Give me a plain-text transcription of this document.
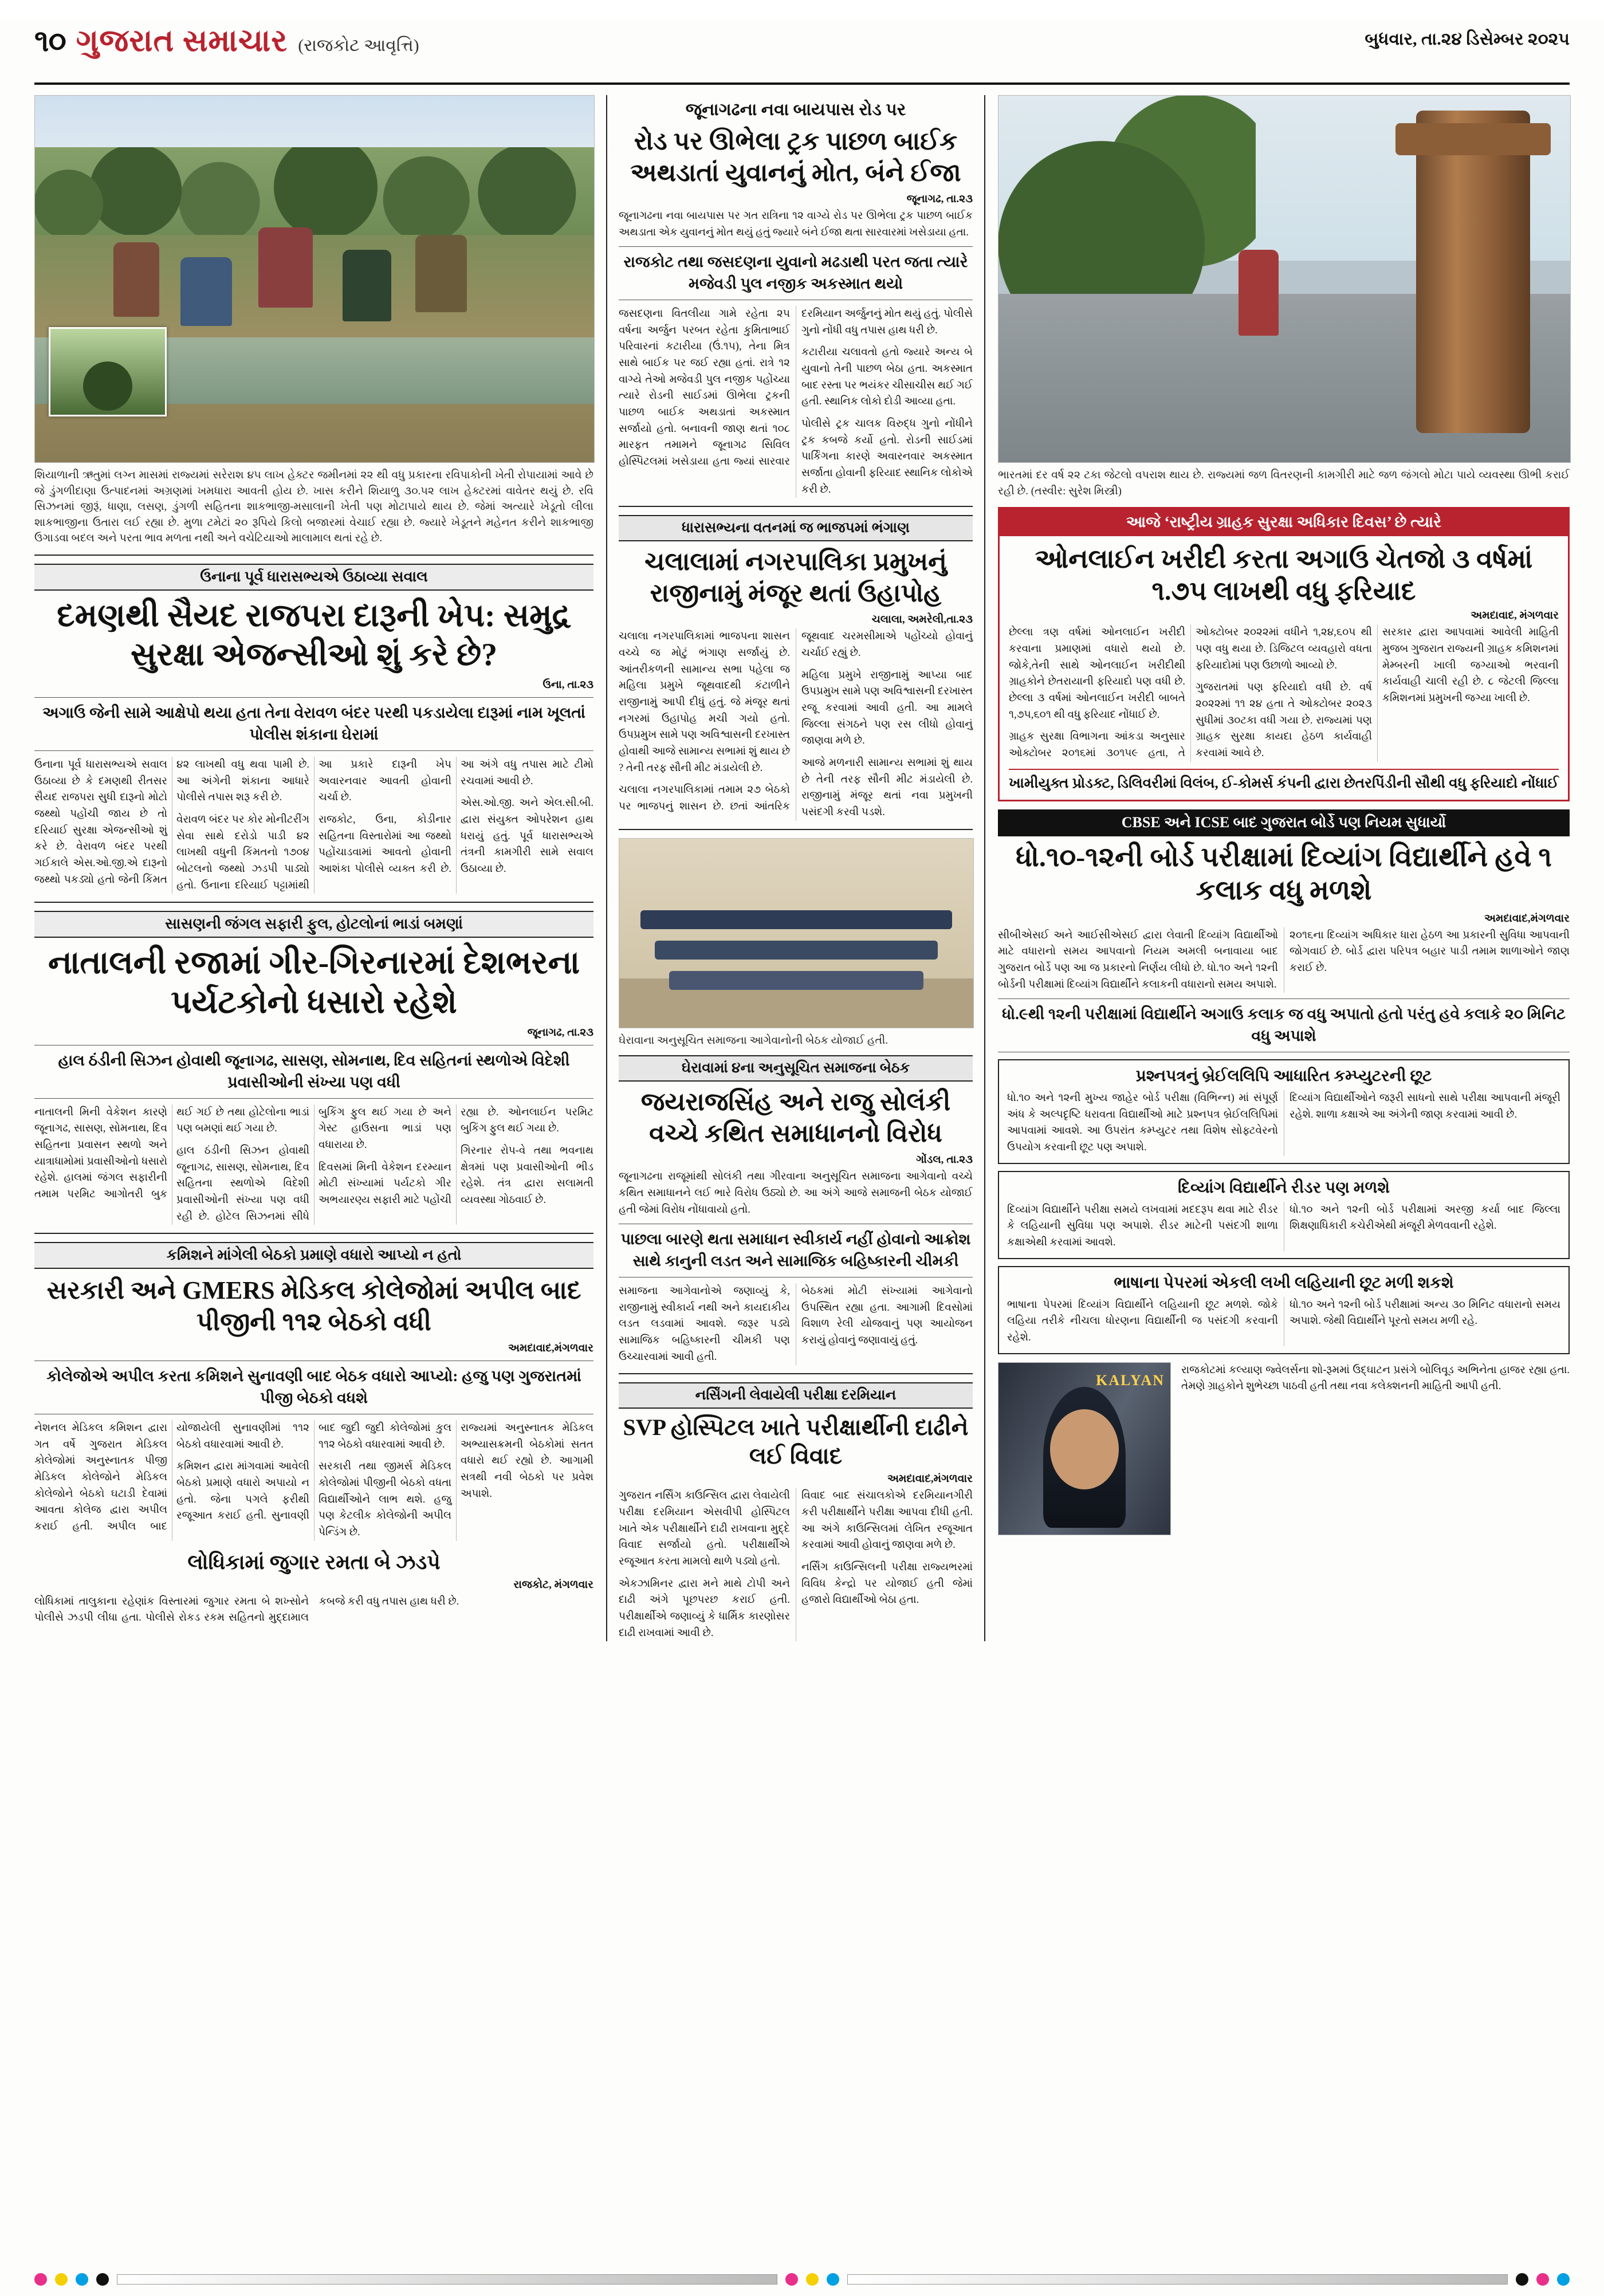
૧૦ ગુજરાત સમાચાર (રાજકોટ આવૃત્તિ)	બુધવાર, તા.૨૪ ડિસેમ્બર ૨૦૨૫
શિયાળાની ઋતુમાં લગ્ન માસમાં રાજ્યમાં સરેરાશ ૪૫ લાખ હેક્ટર જમીનમાં ૨૨ થી વધુ પ્રકારના રવિપાકોની ખેતી રોપાયામાં આવે છે જે ડુંગળીદાણા ઉત્પાદનમાં અગ્રણમાં ખમધારા આવતી હોય છે. ખાસ કરીને શિયાળુ ૩૦.૫૨ લાખ હેક્ટરમાં વાવેતર થયું છે. રવિ સિઝનમાં જીરૂં, ધાણા, લસણ, ડુંગળી સહિતના શાકભાજી-મસાલાની ખેતી પણ મોટાપાયે થાય છે. જેમાં અત્યારે ખેડૂતો લીલા શાકભાજીના ઉતારા લઈ રહ્યા છે. મુળા ટમેટાં ૨૦ રૂપિયે કિલો બજારમાં વેચાઈ રહ્યા છે. જ્યારે ખેડૂતને મહેનત કરીને શાકભાજી ઉગાડવા બદલ અને પરતા ભાવ મળતા નથી અને વચેટિયાઓ માલામાલ થતાં રહે છે.
ઉનાના પૂર્વ ધારાસભ્યએ ઉઠાવ્યા સવાલ
દમણથી સૈયદ રાજપરા દારૂની ખેપ: સમુદ્ર સુરક્ષા એજન્સીઓ શું કરે છે?
ઉના, તા.૨૩
અગાઉ જેની સામે આક્ષેપો થયા હતા તેના વેરાવળ બંદર પરથી પકડાયેલા દારૂમાં નામ ખૂલતાં પોલીસ શંકાના ઘેરામાં

ઉનાના પૂર્વ ધારાસભ્યએ સવાલ ઉઠાવ્યા છે કે દમણથી રીતસર સૈયદ રાજપરા સુધી દારૂનો મોટો જથ્થો પહોંચી જાય છે તો દરિયાઈ સુરક્ષા એજન્સીઓ શું કરે છે. વેરાવળ બંદર પરથી ગઈકાલે એસ.ઓ.જી.એ દારૂનો જથ્થો પકડ્યો હતો જેની કિંમત ૪૨ લાખથી વધુ થવા પામી છે. આ અંગેની શંકાના આધારે પોલીસે તપાસ શરૂ કરી છે.

વેરાવળ બંદર પર કોર મોનીટરીંગ સેવા સાથે દરોડો પાડી ૪૨ લાખથી વધુની કિંમતનો ૧૭૦૪ બોટલનો જથ્થો ઝડપી પાડ્યો હતો. ઉનાના દરિયાઈ પટ્ટામાંથી આ પ્રકારે દારૂની ખેપ અવારનવાર આવતી હોવાની ચર્ચા છે.

રાજકોટ, ઉના, કોડીનાર સહિતના વિસ્તારોમાં આ જથ્થો પહોંચાડવામાં આવતો હોવાની આશંકા પોલીસે વ્યક્ત કરી છે. આ અંગે વધુ તપાસ માટે ટીમો રચવામાં આવી છે.

એસ.ઓ.જી. અને એલ.સી.બી. દ્વારા સંયુક્ત ઓપરેશન હાથ ધરાયું હતું. પૂર્વ ધારાસભ્યએ તંત્રની કામગીરી સામે સવાલ ઉઠાવ્યા છે.

સાસણની જંગલ સફારી ફુલ, હોટલોનાં ભાડાં બમણાં
નાતાલની રજામાં ગીર-ગિરનારમાં દેશભરના પર્યટકોનો ધસારો રહેશે
જૂનાગઢ, તા.૨૩
હાલ ઠંડીની સિઝન હોવાથી જૂનાગઢ, સાસણ, સોમનાથ, દિવ સહિતનાં સ્થળોએ વિદેશી પ્રવાસીઓની સંખ્યા પણ વધી

નાતાલની મિની વેકેશન કારણે જૂનાગઢ, સાસણ, સોમનાથ, દિવ સહિતના પ્રવાસન સ્થળો અને યાત્રાધામોમાં પ્રવાસીઓનો ધસારો રહેશે. હાલમાં જંગલ સફારીની તમામ પરમિટ આગોતરી બુક થઈ ગઈ છે તથા હોટેલોના ભાડાં પણ બમણાં થઈ ગયા છે.

હાલ ઠંડીની સિઝન હોવાથી જૂનાગઢ, સાસણ, સોમનાથ, દિવ સહિતના સ્થળોએ વિદેશી પ્રવાસીઓની સંખ્યા પણ વધી રહી છે. હોટેલ સિઝનમાં સીધે બુકિંગ ફુલ થઈ ગયા છે અને ગેસ્ટ હાઉસના ભાડાં પણ વધારાયા છે.

દિવસમાં મિની વેકેશન દરમ્યાન મોટી સંખ્યામાં પર્યટકો ગીર અભયારણ્ય સફારી માટે પહોંચી રહ્યા છે. ઓનલાઈન પરમિટ બુકિંગ ફુલ થઈ ગયા છે.

ગિરનાર રોપ-વે તથા ભવનાથ ક્ષેત્રમાં પણ પ્રવાસીઓની ભીડ રહેશે. તંત્ર દ્વારા સલામતી વ્યવસ્થા ગોઠવાઈ છે.

કમિશને માંગેલી બેઠકો પ્રમાણે વધારો આપ્યો ન હતો
સરકારી અને GMERS મેડિકલ કોલેજોમાં અપીલ બાદ પીજીની ૧૧૨ બેઠકો વધી
અમદાવાદ,મંગળવાર
કોલેજોએ અપીલ કરતા કમિશને સુનાવણી બાદ બેઠક વધારો આપ્યો: હજુ પણ ગુજરાતમાં પીજી બેઠકો વધશે

નેશનલ મેડિકલ કમિશન દ્વારા ગત વર્ષે ગુજરાત મેડિકલ કોલેજોમાં અનુસ્નાતક પીજી મેડિકલ કોલેજોને મેડિકલ કોલેજોને બેઠકો ઘટાડી દેવામાં આવતા કોલેજ દ્વારા અપીલ કરાઈ હતી. અપીલ બાદ યોજાયેલી સુનાવણીમાં ૧૧૨ બેઠકો વધારવામાં આવી છે.

કમિશન દ્વારા માંગવામાં આવેલી બેઠકો પ્રમાણે વધારો અપાયો ન હતો. જેના પગલે ફરીથી રજૂઆત કરાઈ હતી. સુનાવણી બાદ જુદી જુદી કોલેજોમાં કુલ ૧૧૨ બેઠકો વધારવામાં આવી છે.

સરકારી તથા જીમર્સ મેડિકલ કોલેજોમાં પીજીની બેઠકો વધતા વિદ્યાર્થીઓને લાભ થશે. હજુ પણ કેટલીક કોલેજોની અપીલ પેન્ડિંગ છે.

રાજ્યમાં અનુસ્નાતક મેડિકલ અભ્યાસક્રમની બેઠકોમાં સતત વધારો થઈ રહ્યો છે. આગામી સત્રથી નવી બેઠકો પર પ્રવેશ અપાશે.

લોધિકામાં જુગાર રમતા બે ઝડપે
રાજકોટ, મંગળવાર

લોધિકામાં તાલુકાના રહેણાંક વિસ્તારમાં જુગાર રમતા બે શખ્સોને પોલીસે ઝડપી લીધા હતા. પોલીસે રોકડ રકમ સહિતનો મુદ્દામાલ કબજે કરી વધુ તપાસ હાથ ધરી છે.

જૂનાગઢના નવા બાયપાસ રોડ પર
રોડ પર ઊભેલા ટ્રક પાછળ બાઈક અથડાતાં યુવાનનું મોત, બંને ઈજા
જૂનાગઢ, તા.૨૩

જૂનાગઢના નવા બાયપાસ પર ગત રાત્રિના ૧૨ વાગ્યે રોડ પર ઊભેલા ટ્રક પાછળ બાઈક અથડાતા એક યુવાનનું મોત થયું હતું જ્યારે બંને ઈજા થતા સારવારમાં ખસેડાયા હતા.

રાજકોટ તથા જસદણના યુવાનો મઢડાથી પરત જતા ત્યારે મજેવડી પુલ નજીક અકસ્માત થયો

જસદણના વિતલીયા ગામે રહેતા ૨૫ વર્ષના અર્જુન પરબત રહેતા કુમિતાભાઈ પરિવારનાં કટારીયા (ઉં.૧૫), તેના મિત્ર સાથે બાઈક પર જઈ રહ્યા હતાં. રાત્રે ૧૨ વાગ્યે તેઓ મજેવડી પુલ નજીક પહોંચ્યા ત્યારે રોડની સાઈડમાં ઊભેલા ટ્રકની પાછળ બાઈક અથડાતાં અકસ્માત સર્જાયો હતો. બનાવની જાણ થતાં ૧૦૮ મારફત તમામને જૂનાગઢ સિવિલ હોસ્પિટલમાં ખસેડાયા હતા જ્યાં સારવાર દરમિયાન અર્જુનનું મોત થયું હતું. પોલીસે ગુનો નોંધી વધુ તપાસ હાથ ધરી છે.

કટારીયા ચલાવતો હતો જ્યારે અન્ય બે યુવાનો તેની પાછળ બેઠા હતા. અકસ્માત બાદ રસ્તા પર ભયંકર ચીસાચીસ થઈ ગઈ હતી. સ્થાનિક લોકો દોડી આવ્યા હતા.

પોલીસે ટ્રક ચાલક વિરુદ્ધ ગુનો નોંધીને ટ્રક કબજે કર્યો હતો. રોડની સાઈડમાં પાર્કિંગના કારણે અવારનવાર અકસ્માત સર્જાતા હોવાની ફરિયાદ સ્થાનિક લોકોએ કરી છે.

ધારાસભ્યના વતનમાં જ ભાજપમાં ભંગાણ
ચલાલામાં નગરપાલિકા પ્રમુખનું રાજીનામું મંજૂર થતાં ઉહાપોહ
ચલાલા, અમરેલી,તા.૨૩

ચલાલા નગરપાલિકામાં ભાજપના શાસન વચ્ચે જ મોટું ભંગાણ સર્જાયું છે. આંતરીકળની સામાન્ય સભા પહેલા જ મહિલા પ્રમુખે જૂથવાદથી કંટાળીને રાજીનામું આપી દીધું હતું. જે મંજૂર થતાં નગરમાં ઉહાપોહ મચી ગયો હતો. ઉપપ્રમુખ સામે પણ અવિશ્વાસની દરખાસ્ત હોવાથી આજે સામાન્ય સભામાં શું થાય છે ? તેની તરફ સૌની મીટ મંડાયેલી છે.

ચલાલા નગરપાલિકામાં તમામ ૨૭ બેઠકો પર ભાજપનું શાસન છે. છતાં આંતરિક જૂથવાદ ચરમસીમાએ પહોંચ્યો હોવાનું ચર્ચાઈ રહ્યું છે.

મહિલા પ્રમુખે રાજીનામું આપ્યા બાદ ઉપપ્રમુખ સામે પણ અવિશ્વાસની દરખાસ્ત રજૂ કરવામાં આવી હતી. આ મામલે જિલ્લા સંગઠને પણ રસ લીધો હોવાનું જાણવા મળે છે.

આજે મળનારી સામાન્ય સભામાં શું થાય છે તેની તરફ સૌની મીટ મંડાયેલી છે. રાજીનામું મંજૂર થતાં નવા પ્રમુખની પસંદગી કરવી પડશે.

ઘેરાવાના અનુસૂચિત સમાજના આગેવાનોની બેઠક યોજાઈ હતી.
ઘેરાવામાં ૪ના અનુસૂચિત સમાજના બેઠક
જયરાજસિંહ અને રાજુ સોલંકી વચ્ચે કથિત સમાધાનનો વિરોધ
ગોંડલ, તા.૨૩

જૂનાગઢના રાજૂમાંથી સોલંકી તથા ગીરવાના અનુસૂચિત સમાજના આગેવાનો વચ્ચે કથિત સમાધાનને લઈ ભારે વિરોધ ઉઠ્યો છે. આ અંગે આજે સમાજની બેઠક યોજાઈ હતી જેમાં વિરોધ નોંધાવાયો હતો.

પાછલા બારણે થતા સમાધાન સ્વીકાર્ય નહીં હોવાનો આક્રોશ સાથે કાનુની લડત અને સામાજિક બહિષ્કારની ચીમકી

સમાજના આગેવાનોએ જણાવ્યું કે, રાજીનામું સ્વીકાર્ય નથી અને કાયદાકીય લડત લડવામાં આવશે. જરૂર પડ્યે સામાજિક બહિષ્કારની ચીમકી પણ ઉચ્ચારવામાં આવી હતી.

બેઠકમાં મોટી સંખ્યામાં આગેવાનો ઉપસ્થિત રહ્યા હતા. આગામી દિવસોમાં વિશાળ રેલી યોજવાનું પણ આયોજન કરાયું હોવાનું જણાવાયું હતું.

નર્સિંગની લેવાયેલી પરીક્ષા દરમિયાન
SVP હોસ્પિટલ ખાતે પરીક્ષાર્થીની દાઢીને લઈ વિવાદ
અમદાવાદ,મંગળવાર

ગુજરાત નર્સિંગ કાઉન્સિલ દ્વારા લેવાયેલી પરીક્ષા દરમિયાન એસવીપી હોસ્પિટલ ખાતે એક પરીક્ષાર્થીને દાઢી રાખવાના મુદ્દે વિવાદ સર્જાયો હતો. પરીક્ષાર્થીએ રજૂઆત કરતા મામલો થાળે પડ્યો હતો.

એકઝામિનર દ્વારા મને માથે ટોપી અને દાઢી અંગે પૂછપરછ કરાઈ હતી. પરીક્ષાર્થીએ જણાવ્યું કે ધાર્મિક કારણોસર દાઢી રાખવામાં આવી છે.

વિવાદ બાદ સંચાલકોએ દરમિયાનગીરી કરી પરીક્ષાર્થીને પરીક્ષા આપવા દીધી હતી. આ અંગે કાઉન્સિલમાં લેખિત રજૂઆત કરવામાં આવી હોવાનું જાણવા મળે છે.

નર્સિંગ કાઉન્સિલની પરીક્ષા રાજ્યભરમાં વિવિધ કેન્દ્રો પર યોજાઈ હતી જેમાં હજારો વિદ્યાર્થીઓ બેઠા હતા.

ભારતમાં દર વર્ષ ૨૨ ટકા જેટલો વપરાશ થાય છે. રાજ્યમાં જળ વિતરણની કામગીરી માટે જળ જંગલો મોટા પાયે વ્યવસ્થા ઊભી કરાઈ રહી છે. (તસ્વીર: સુરેશ મિસ્ત્રી)
આજે ‘રાષ્ટ્રીય ગ્રાહક સુરક્ષા અધિકાર દિવસ’ છે ત્યારે
ઓનલાઈન ખરીદી કરતા અગાઉ ચેતજો ૩ વર્ષમાં ૧.૭૫ લાખથી વધુ ફરિયાદ
અમદાવાદ, મંગળવાર

છેલ્લા ત્રણ વર્ષમાં ઓનલાઈન ખરીદી કરવાના પ્રમાણમાં વધારો થયો છે. જોકે,તેની સાથે ઓનલાઈન ખરીદીથી ગ્રાહકોને છેતરાયાની ફરિયાદો પણ વધી છે. છેલ્લા ૩ વર્ષમાં ઓનલાઈન ખરીદી બાબતે ૧,૭૫,૬૦૧ થી વધુ ફરિયાદ નોંધાઈ છે.

ગ્રાહક સુરક્ષા વિભાગના આંકડા અનુસાર ઓક્ટોબર ૨૦૧૬માં ૩૦૧૫૯ હતા, તે ઓક્ટોબર ૨૦૨૨માં વધીને ૧,૨૪,૬૦૫ થી પણ વધુ થયા છે. ડિજિટલ વ્યવહારો વધતા ફરિયાદોમાં પણ ઉછાળો આવ્યો છે.

ગુજરાતમાં પણ ફરિયાદો વધી છે. વર્ષ ૨૦૨૨માં ૧૧ ૨૪ હતા તે ઓક્ટોબર ૨૦૨૩ સુધીમાં ૩૦ટકા વધી ગયા છે. રાજ્યમાં પણ ગ્રાહક સુરક્ષા કાયદા હેઠળ કાર્યવાહી કરવામાં આવે છે.

સરકાર દ્વારા આપવામાં આવેલી માહિતી મુજબ ગુજરાત રાજ્યની ગ્રાહક કમિશનમાં મેમ્બરની ખાલી જગ્યાઓ ભરવાની કાર્યવાહી ચાલી રહી છે. ૮ જેટલી જિલ્લા કમિશનમાં પ્રમુખની જગ્યા ખાલી છે.

ખામીયુક્ત પ્રોડક્ટ, ડિલિવરીમાં વિલંબ, ઈ-કોમર્સ કંપની દ્વારા છેતરપિંડીની સૌથી વધુ ફરિયાદો નોંધાઈ
CBSE અને ICSE બાદ ગુજરાત બોર્ડે પણ નિયમ સુધાર્યો
ધો.૧૦-૧૨ની બોર્ડ પરીક્ષામાં દિવ્યાંગ વિદ્યાર્થીને હવે ૧ કલાક વધુ મળશે
અમદાવાદ,મંગળવાર

સીબીએસઈ અને આઈસીએસઈ દ્વારા લેવાતી દિવ્યાંગ વિદ્યાર્થીઓ માટે વધારાનો સમય આપવાનો નિયમ અમલી બનાવાયા બાદ ગુજરાત બોર્ડે પણ આ જ પ્રકારનો નિર્ણય લીધો છે. ધો.૧૦ અને ૧૨ની બોર્ડની પરીક્ષામાં દિવ્યાંગ વિદ્યાર્થીને કલાકની વધારાનો સમય અપાશે.

૨૦૧૬ના દિવ્યાંગ અધિકાર ધારા હેઠળ આ પ્રકારની સુવિધા આપવાની જોગવાઈ છે. બોર્ડ દ્વારા પરિપત્ર બહાર પાડી તમામ શાળાઓને જાણ કરાઈ છે.

ધો.૯થી ૧૨ની પરીક્ષામાં વિદ્યાર્થીને અગાઉ કલાક જ વધુ અપાતો હતો પરંતુ હવે કલાકે ૨૦ મિનિટ વધુ અપાશે
પ્રશ્નપત્રનું બ્રેઈલલિપિ આધારિત કમ્પ્યુટરની છૂટ

ધો.૧૦ અને ૧૨ની મુખ્ય જાહેર બોર્ડ પરીક્ષા (વિભિન્ન) માં સંપૂર્ણ અંધ કે અલ્પદૃષ્ટિ ધરાવતા વિદ્યાર્થીઓ માટે પ્રશ્નપત્ર બ્રેઈલલિપિમાં આપવામાં આવશે. આ ઉપરાંત કમ્પ્યુટર તથા વિશેષ સોફ્ટવેરનો ઉપયોગ કરવાની છૂટ પણ અપાશે.

દિવ્યાંગ વિદ્યાર્થીઓને જરૂરી સાધનો સાથે પરીક્ષા આપવાની મંજૂરી રહેશે. શાળા કક્ષાએ આ અંગેની જાણ કરવામાં આવી છે.

દિવ્યાંગ વિદ્યાર્થીને રીડર પણ મળશે

દિવ્યાંગ વિદ્યાર્થીને પરીક્ષા સમયે લખવામાં મદદરૂપ થવા માટે રીડર કે લહિયાની સુવિધા પણ અપાશે. રીડર માટેની પસંદગી શાળા કક્ષાએથી કરવામાં આવશે.

ધો.૧૦ અને ૧૨ની બોર્ડ પરીક્ષામાં અરજી કર્યા બાદ જિલ્લા શિક્ષણાધિકારી કચેરીએથી મંજૂરી મેળવવાની રહેશે.

ભાષાના પેપરમાં એકલી લખી લહિયાની છૂટ મળી શકશે

ભાષાના પેપરમાં દિવ્યાંગ વિદ્યાર્થીને લહિયાની છૂટ મળશે. જોકે લહિયા તરીકે નીચલા ધોરણના વિદ્યાર્થીની જ પસંદગી કરવાની રહેશે.

ધો.૧૦ અને ૧૨ની બોર્ડ પરીક્ષામાં અન્ય ૩૦ મિનિટ વધારાનો સમય અપાશે. જેથી વિદ્યાર્થીને પૂરતો સમય મળી રહે.

KALYAN

રાજકોટમાં કલ્યાણ જ્વેલર્સના શો-રૂમમાં ઉદ્ઘાટન પ્રસંગે બોલિવૂડ અભિનેતા હાજર રહ્યા હતા. તેમણે ગ્રાહકોને શુભેચ્છા પાઠવી હતી તથા નવા કલેક્શનની માહિતી આપી હતી.
